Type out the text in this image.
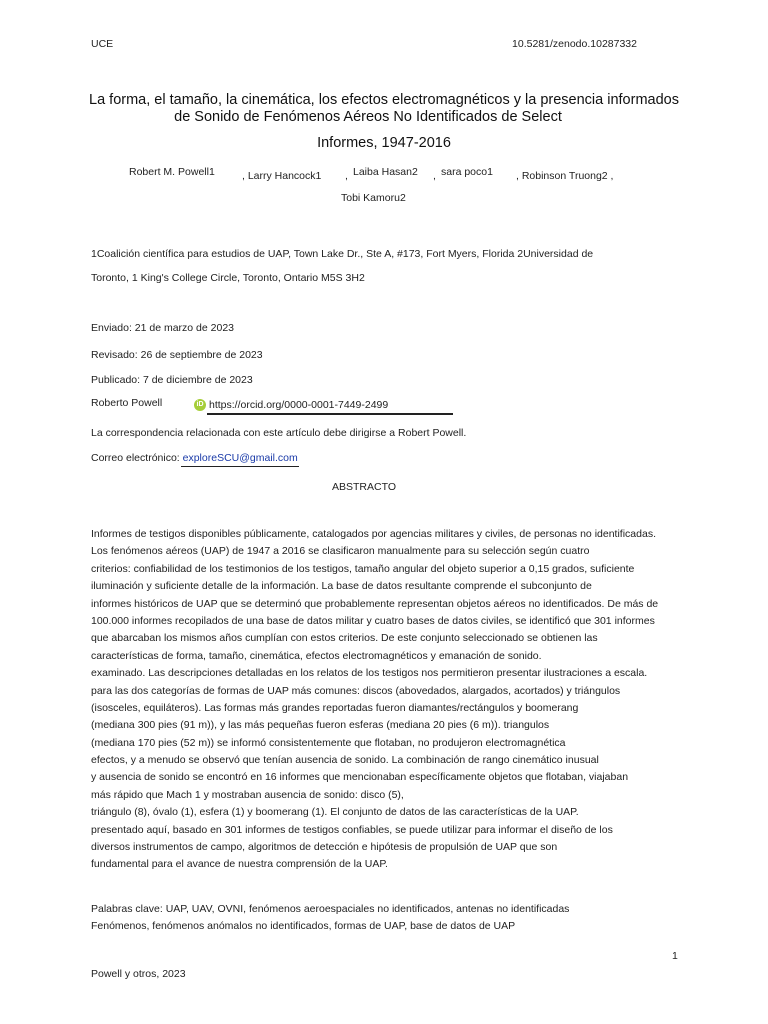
UCE	10.5281/zenodo.10287332
La forma, el tamaño, la cinemática, los efectos electromagnéticos y la presencia informados
de Sonido de Fenómenos Aéreos No Identificados de Select
Informes, 1947-2016
Robert M. Powell1	, Larry Hancock1 , Laiba Hasan2 , sara poco1 , Robinson Truong2 ,
Tobi Kamoru2
1Coalición científica para estudios de UAP, Town Lake Dr., Ste A, #173, Fort Myers, Florida 2Universidad de
Toronto, 1 King's College Circle, Toronto, Ontario M5S 3H2
Enviado: 21 de marzo de 2023
Revisado: 26 de septiembre de 2023
Publicado: 7 de diciembre de 2023
Roberto Powell	iD https://orcid.org/0000-0001-7449-2499
La correspondencia relacionada con este artículo debe dirigirse a Robert Powell.
Correo electrónico: exploreSCU@gmail.com
ABSTRACTO
Informes de testigos disponibles públicamente, catalogados por agencias militares y civiles, de personas no identificadas.
Los fenómenos aéreos (UAP) de 1947 a 2016 se clasificaron manualmente para su selección según cuatro
criterios: confiabilidad de los testimonios de los testigos, tamaño angular del objeto superior a 0,15 grados, suficiente
iluminación y suficiente detalle de la información. La base de datos resultante comprende el subconjunto de
informes históricos de UAP que se determinó que probablemente representan objetos aéreos no identificados. De más de
100.000 informes recopilados de una base de datos militar y cuatro bases de datos civiles, se identificó que 301 informes
que abarcaban los mismos años cumplían con estos criterios. De este conjunto seleccionado se obtienen las
características de forma, tamaño, cinemática, efectos electromagnéticos y emanación de sonido.
examinado. Las descripciones detalladas en los relatos de los testigos nos permitieron presentar ilustraciones a escala.
para las dos categorías de formas de UAP más comunes: discos (abovedados, alargados, acortados) y triángulos
(isosceles, equiláteros). Las formas más grandes reportadas fueron diamantes/rectángulos y boomerang
(mediana 300 pies (91 m)), y las más pequeñas fueron esferas (mediana 20 pies (6 m)). triangulos
(mediana 170 pies (52 m)) se informó consistentemente que flotaban, no produjeron electromagnética
efectos, y a menudo se observó que tenían ausencia de sonido. La combinación de rango cinemático inusual
y ausencia de sonido se encontró en 16 informes que mencionaban específicamente objetos que flotaban, viajaban
más rápido que Mach 1 y mostraban ausencia de sonido: disco (5),
triángulo (8), óvalo (1), esfera (1) y boomerang (1). El conjunto de datos de las características de la UAP.
presentado aquí, basado en 301 informes de testigos confiables, se puede utilizar para informar el diseño de los
diversos instrumentos de campo, algoritmos de detección e hipótesis de propulsión de UAP que son
fundamental para el avance de nuestra comprensión de la UAP.
Palabras clave: UAP, UAV, OVNI, fenómenos aeroespaciales no identificados, antenas no identificadas
Fenómenos, fenómenos anómalos no identificados, formas de UAP, base de datos de UAP
1
Powell y otros, 2023
